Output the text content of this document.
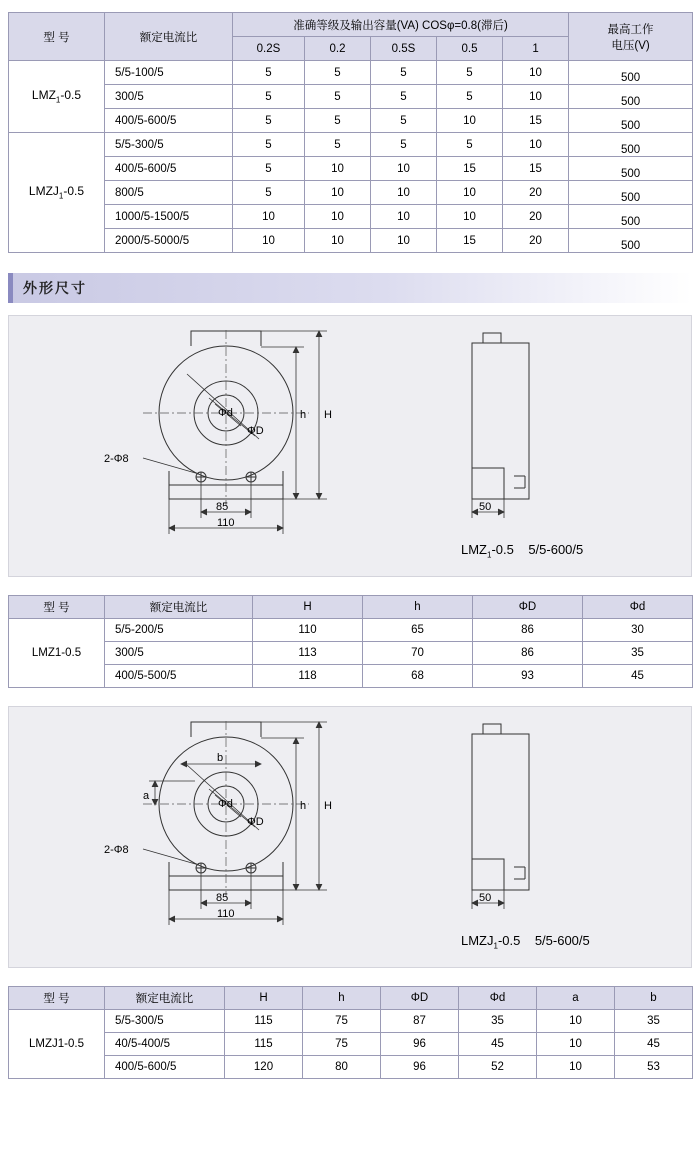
型 号	额定电流比	准确等级及输出容量(VA) COSφ=0.8(滞后)					最高工作
电压(V)

		0.2S	0.2	0.5S	0.5	1	
$LMZ_1-0.5$	5/5-100/5	5	5	5	5	10	500
	300/5	5	5	5	5	10	500
	400/5-600/5	5	5	5	10	15	500
$LMZJ_1-0.5$	5/5-300/5	5	5	5	5	10	500
	400/5-600/5	5	10	10	15	15	500
	800/5	5	10	10	10	20	500
	1000/5-1500/5	10	10	10	10	20	500
	2000/5-5000/5	10	10	10	15	20	500
外形尺寸
Φd
ΦD
2-Φ8
H
h
85
110
50
$LMZ_1-0.5$ 5/5-600/5
型 号	额定电流比	H	h	ΦD	Φd
LMZ1-0.5	5/5-200/5	110	65	86	30
	300/5	113	70	86	35
	400/5-500/5	118	68	93	45
Φd
ΦD
b
a
2-Φ8
H
h
85
110
50
$LMZJ_1-0.5$ 5/5-600/5
型 号	额定电流比	H	h	ΦD	Φd	a	b
LMZJ1-0.5	5/5-300/5	115	75	87	35	10	35
	40/5-400/5	115	75	96	45	10	45
	400/5-600/5	120	80	96	52	10	53
